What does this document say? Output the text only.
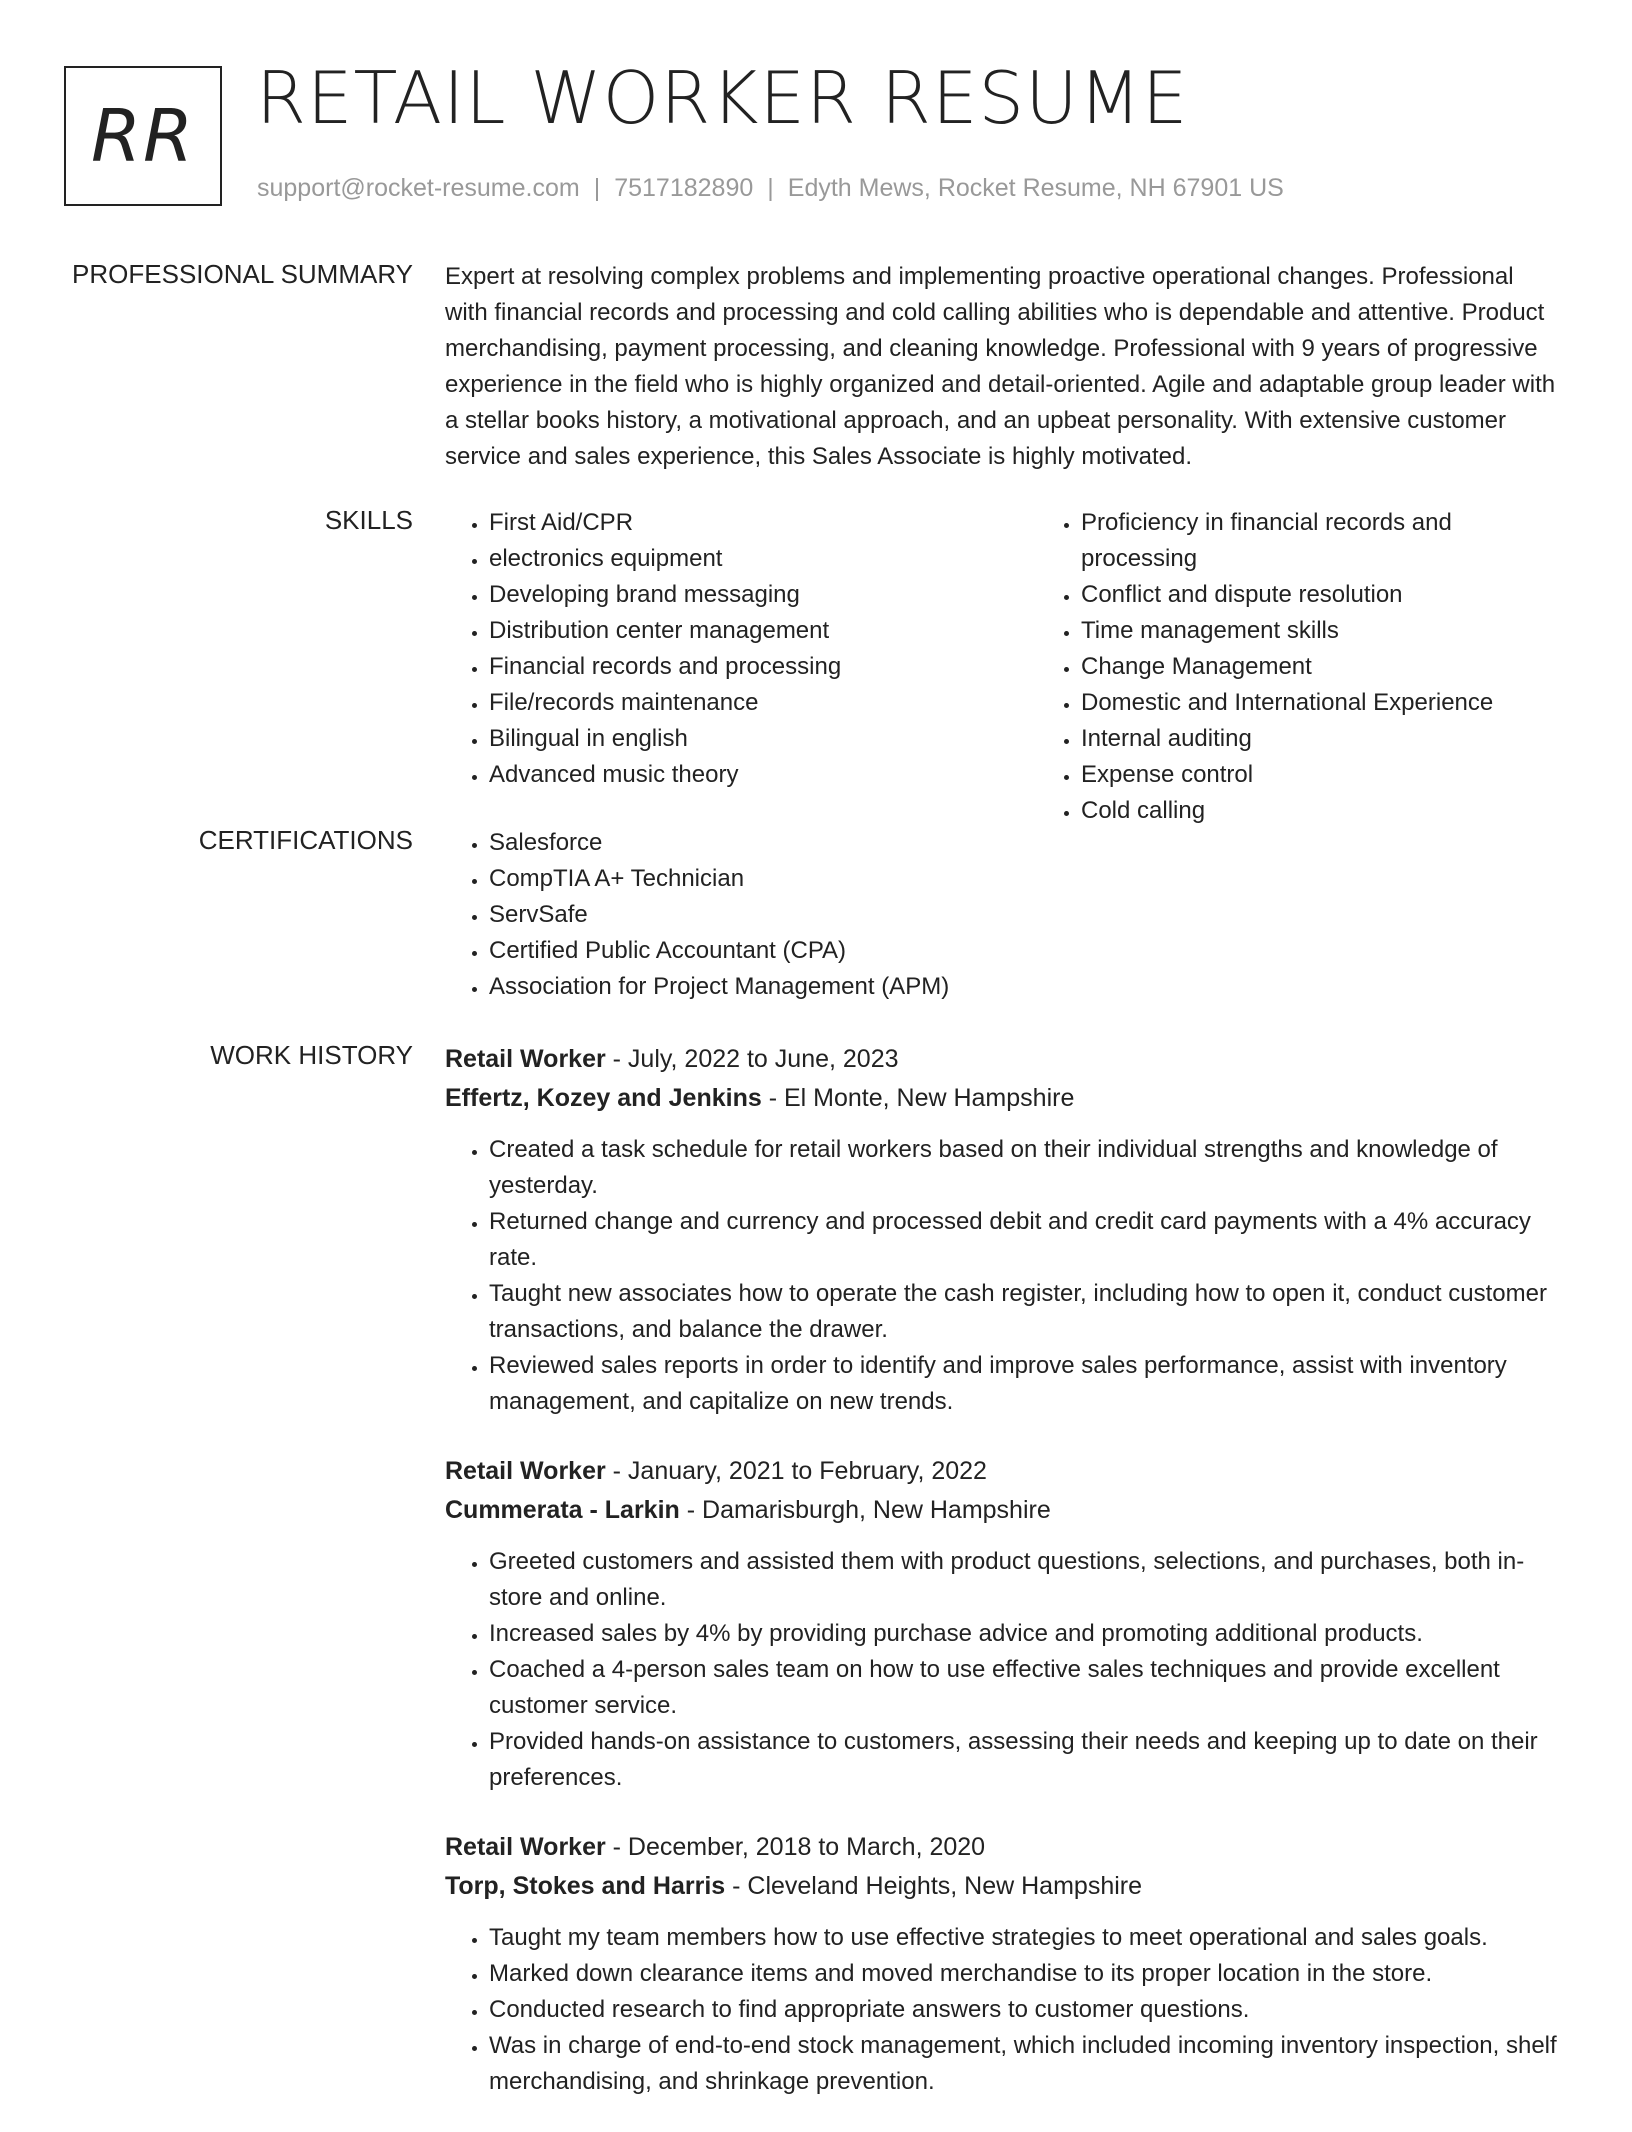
RR RETAIL WORKER RESUME
support@rocket-resume.com | 7517182890 | Edyth Mews, Rocket Resume, NH 67901 US
PROFESSIONAL SUMMARY Expert at resolving complex problems and implementing proactive operational changes. Professional with financial records and processing and cold calling abilities who is dependable and attentive. Product merchandising, payment processing, and cleaning knowledge. Professional with 9 years of progressive experience in the field who is highly organized and detail-oriented. Agile and adaptable group leader with a stellar books history, a motivational approach, and an upbeat personality. With extensive customer service and sales experience, this Sales Associate is highly motivated.

SKILLS	• First Aid/CPR
• electronics equipment
• Developing brand messaging
• Distribution center management
• Financial records and processing
• File/records maintenance
• Bilingual in english
• Advanced music theory
• Proficiency in financial records and processing
• Conflict and dispute resolution
• Time management skills
• Change Management
• Domestic and International Experience
• Internal auditing
• Expense control
• Cold calling
CERTIFICATIONS	• Salesforce
• CompTIA A+ Technician
• ServSafe
• Certified Public Accountant (CPA)
• Association for Project Management (APM)
WORK HISTORY Retail Worker - July, 2022 to June, 2023
Effertz, Kozey and Jenkins - El Monte, New Hampshire
• Created a task schedule for retail workers based on their individual strengths and knowledge of yesterday.
• Returned change and currency and processed debit and credit card payments with a 4% accuracy rate.
• Taught new associates how to operate the cash register, including how to open it, conduct customer transactions, and balance the drawer.
• Reviewed sales reports in order to identify and improve sales performance, assist with inventory management, and capitalize on new trends.
Retail Worker - January, 2021 to February, 2022
Cummerata - Larkin - Damarisburgh, New Hampshire
• Greeted customers and assisted them with product questions, selections, and purchases, both in-store and online.
• Increased sales by 4% by providing purchase advice and promoting additional products.
• Coached a 4-person sales team on how to use effective sales techniques and provide excellent customer service.
• Provided hands-on assistance to customers, assessing their needs and keeping up to date on their preferences.
Retail Worker - December, 2018 to March, 2020
Torp, Stokes and Harris - Cleveland Heights, New Hampshire
• Taught my team members how to use effective strategies to meet operational and sales goals.
• Marked down clearance items and moved merchandise to its proper location in the store.
• Conducted research to find appropriate answers to customer questions.
• Was in charge of end-to-end stock management, which included incoming inventory inspection, shelf merchandising, and shrinkage prevention.
